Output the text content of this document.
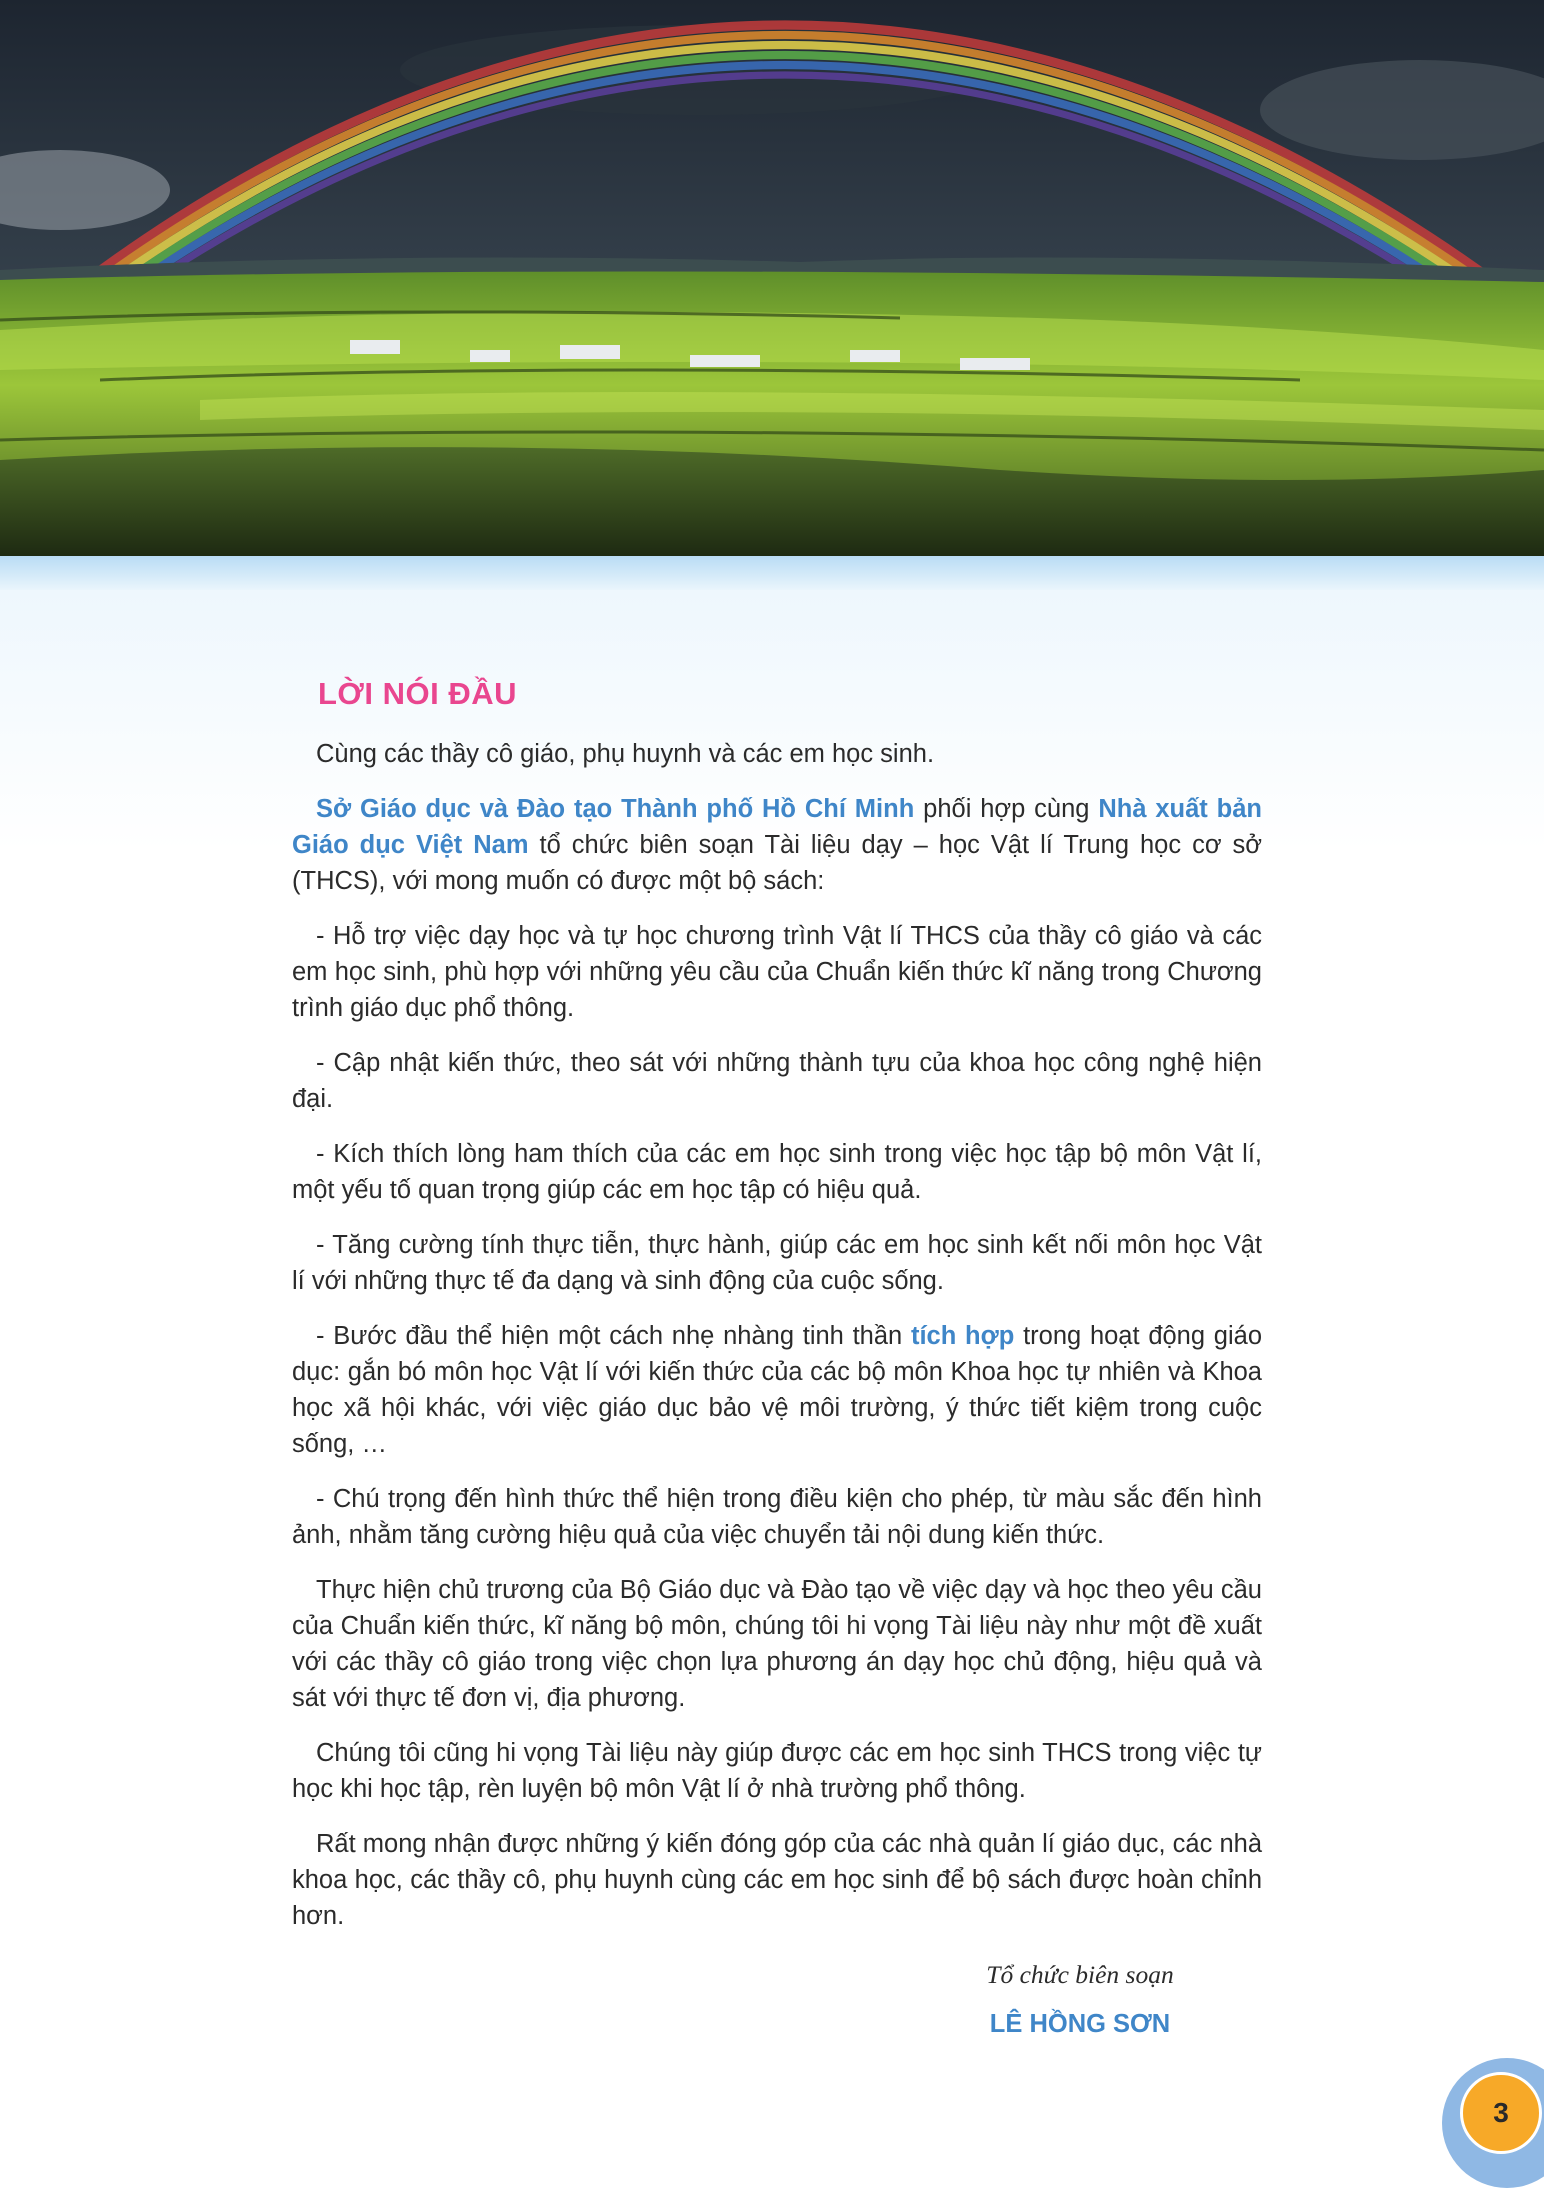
LỜI NÓI ĐẦU

Cùng các thầy cô giáo, phụ huynh và các em học sinh.

Sở Giáo dục và Đào tạo Thành phố Hồ Chí Minh phối hợp cùng Nhà xuất bản Giáo dục Việt Nam tổ chức biên soạn Tài liệu dạy – học Vật lí Trung học cơ sở (THCS), với mong muốn có được một bộ sách:

- Hỗ trợ việc dạy học và tự học chương trình Vật lí THCS của thầy cô giáo và các em học sinh, phù hợp với những yêu cầu của Chuẩn kiến thức kĩ năng trong Chương trình giáo dục phổ thông.

- Cập nhật kiến thức, theo sát với những thành tựu của khoa học công nghệ hiện đại.

- Kích thích lòng ham thích của các em học sinh trong việc học tập bộ môn Vật lí, một yếu tố quan trọng giúp các em học tập có hiệu quả.

- Tăng cường tính thực tiễn, thực hành, giúp các em học sinh kết nối môn học Vật lí với những thực tế đa dạng và sinh động của cuộc sống.

- Bước đầu thể hiện một cách nhẹ nhàng tinh thần tích hợp trong hoạt động giáo dục: gắn bó môn học Vật lí với kiến thức của các bộ môn Khoa học tự nhiên và Khoa học xã hội khác, với việc giáo dục bảo vệ môi trường, ý thức tiết kiệm trong cuộc sống, …

- Chú trọng đến hình thức thể hiện trong điều kiện cho phép, từ màu sắc đến hình ảnh, nhằm tăng cường hiệu quả của việc chuyển tải nội dung kiến thức.

Thực hiện chủ trương của Bộ Giáo dục và Đào tạo về việc dạy và học theo yêu cầu của Chuẩn kiến thức, kĩ năng bộ môn, chúng tôi hi vọng Tài liệu này như một đề xuất với các thầy cô giáo trong việc chọn lựa phương án dạy học chủ động, hiệu quả và sát với thực tế đơn vị, địa phương.

Chúng tôi cũng hi vọng Tài liệu này giúp được các em học sinh THCS trong việc tự học khi học tập, rèn luyện bộ môn Vật lí ở nhà trường phổ thông.

Rất mong nhận được những ý kiến đóng góp của các nhà quản lí giáo dục, các nhà khoa học, các thầy cô, phụ huynh cùng các em học sinh để bộ sách được hoàn chỉnh hơn.

Tổ chức biên soạn
LÊ HỒNG SƠN
3
